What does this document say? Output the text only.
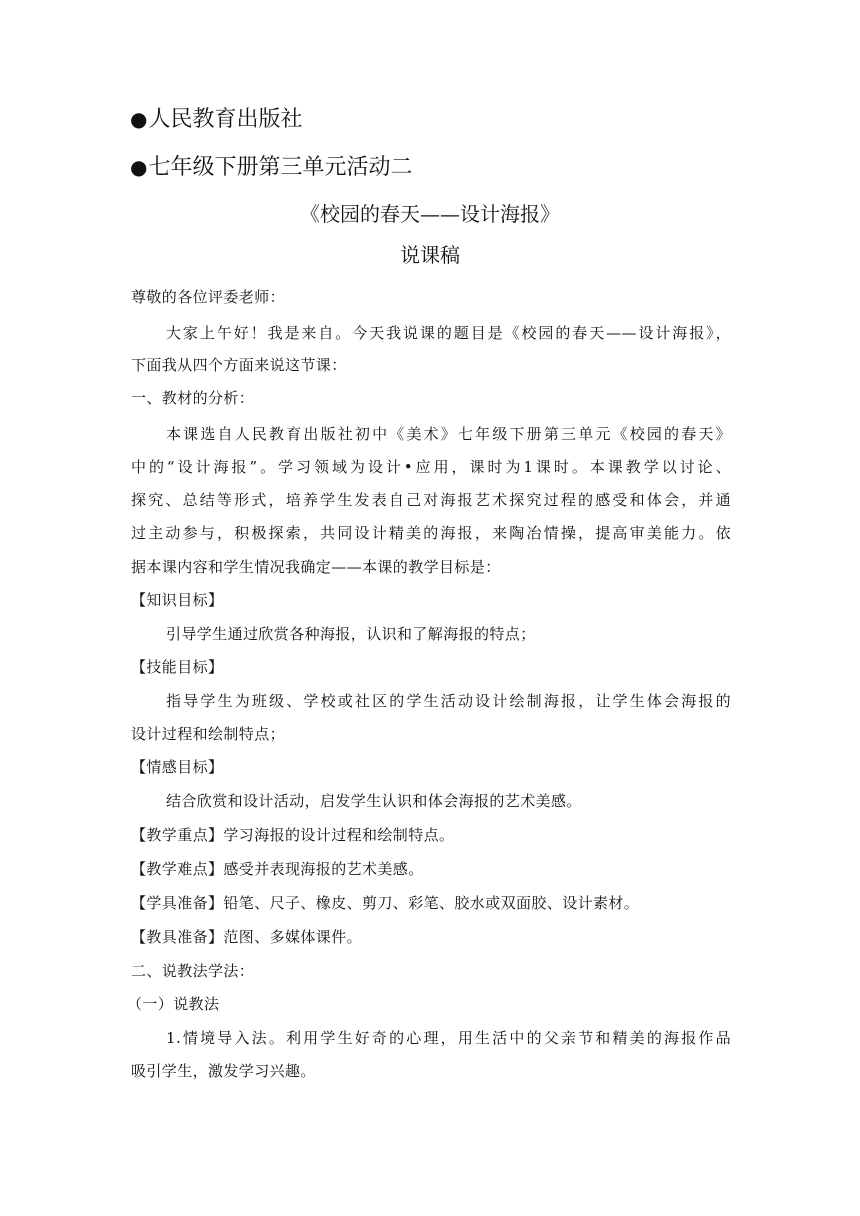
●人民教育出版社
●七年级下册第三单元活动二
《校园的春天——设计海报》
说课稿
尊敬的各位评委老师：
大家上午好！我是来自。今天我说课的题目是《校园的春天——设计海报》，
下面我从四个方面来说这节课：
一、教材的分析：
本课选自人民教育出版社初中《美术》七年级下册第三单元《校园的春天》
中的“设计海报”。学习领域为设计•应用，课时为1课时。本课教学以讨论、
探究、总结等形式，培养学生发表自己对海报艺术探究过程的感受和体会，并通
过主动参与，积极探索，共同设计精美的海报，来陶冶情操，提高审美能力。依
据本课内容和学生情况我确定——本课的教学目标是：
【知识目标】
引导学生通过欣赏各种海报，认识和了解海报的特点；
【技能目标】
指导学生为班级、学校或社区的学生活动设计绘制海报，让学生体会海报的
设计过程和绘制特点；
【情感目标】
结合欣赏和设计活动，启发学生认识和体会海报的艺术美感。
【教学重点】学习海报的设计过程和绘制特点。
【教学难点】感受并表现海报的艺术美感。
【学具准备】铅笔、尺子、橡皮、剪刀、彩笔、胶水或双面胶、设计素材。
【教具准备】范图、多媒体课件。
二、说教法学法：
（一）说教法
1.情境导入法。利用学生好奇的心理，用生活中的父亲节和精美的海报作品
吸引学生，激发学习兴趣。
